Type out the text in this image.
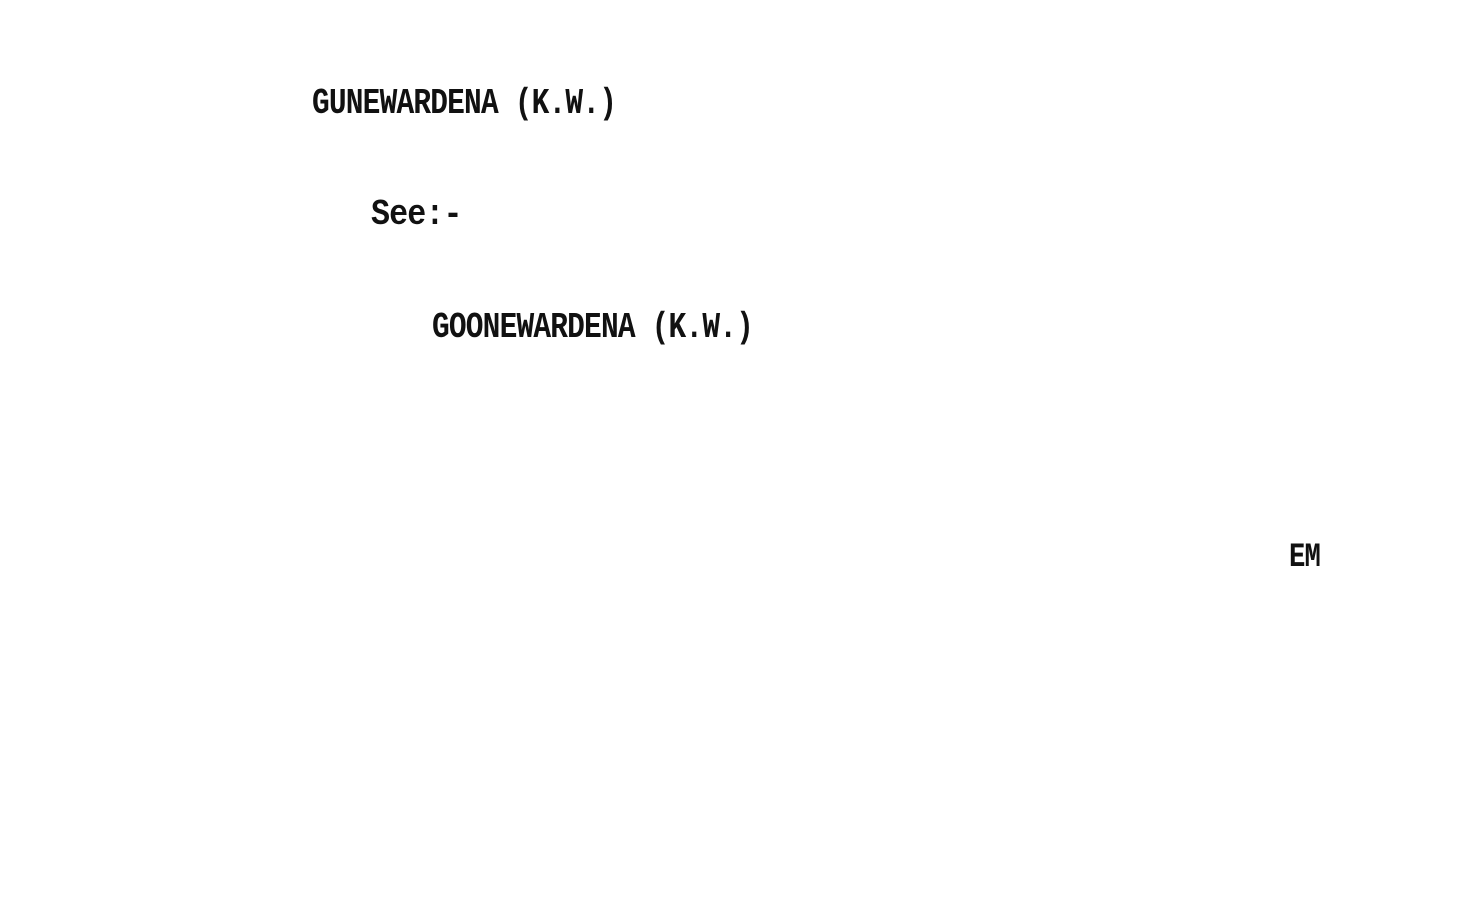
GUNEWARDENA (K.W.)
See:-
GOONEWARDENA (K.W.)
EM
